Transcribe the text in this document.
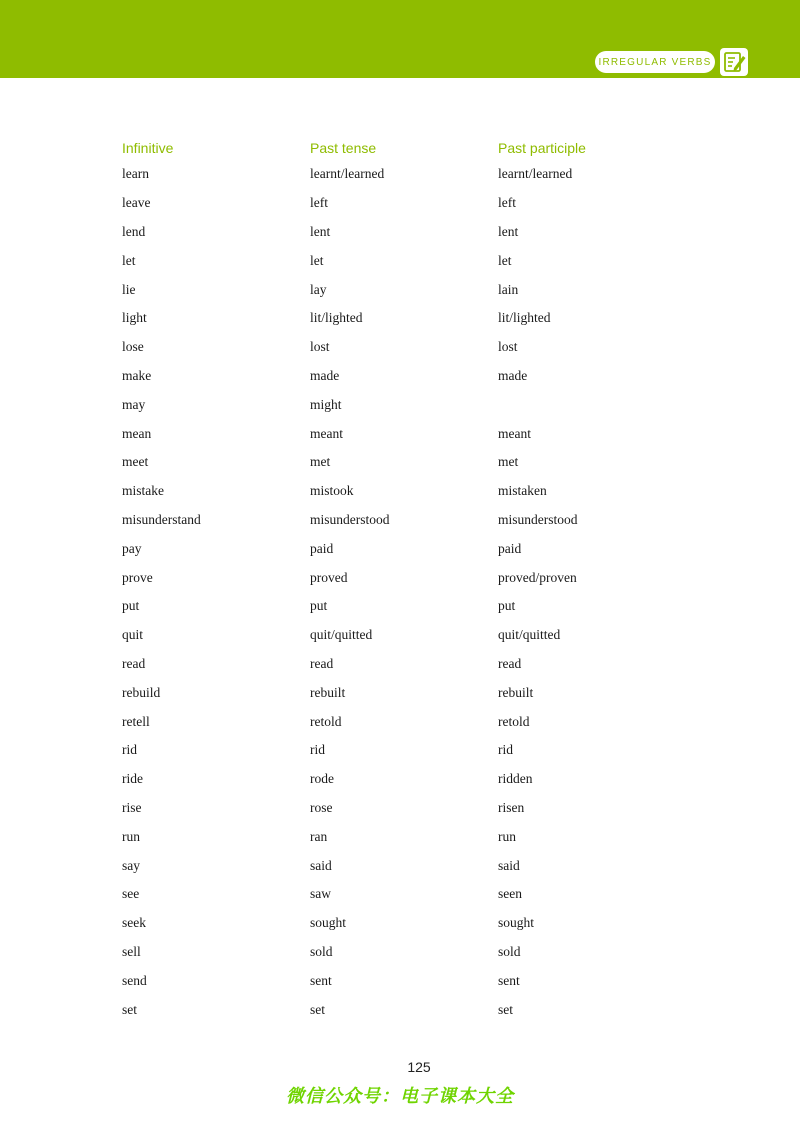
IRREGULAR VERBS
Infinitive	Past tense	Past participle
learn	learnt/learned	learnt/learned
leave	left	left
lend	lent	lent
let	let	let
lie	lay	lain
light	lit/lighted	lit/lighted
lose	lost	lost
make	made	made
may	might	
mean	meant	meant
meet	met	met
mistake	mistook	mistaken
misunderstand	misunderstood	misunderstood
pay	paid	paid
prove	proved	proved/proven
put	put	put
quit	quit/quitted	quit/quitted
read	read	read
rebuild	rebuilt	rebuilt
retell	retold	retold
rid	rid	rid
ride	rode	ridden
rise	rose	risen
run	ran	run
say	said	said
see	saw	seen
seek	sought	sought
sell	sold	sold
send	sent	sent
set	set	set
125
微信公众号：电子课本大全
